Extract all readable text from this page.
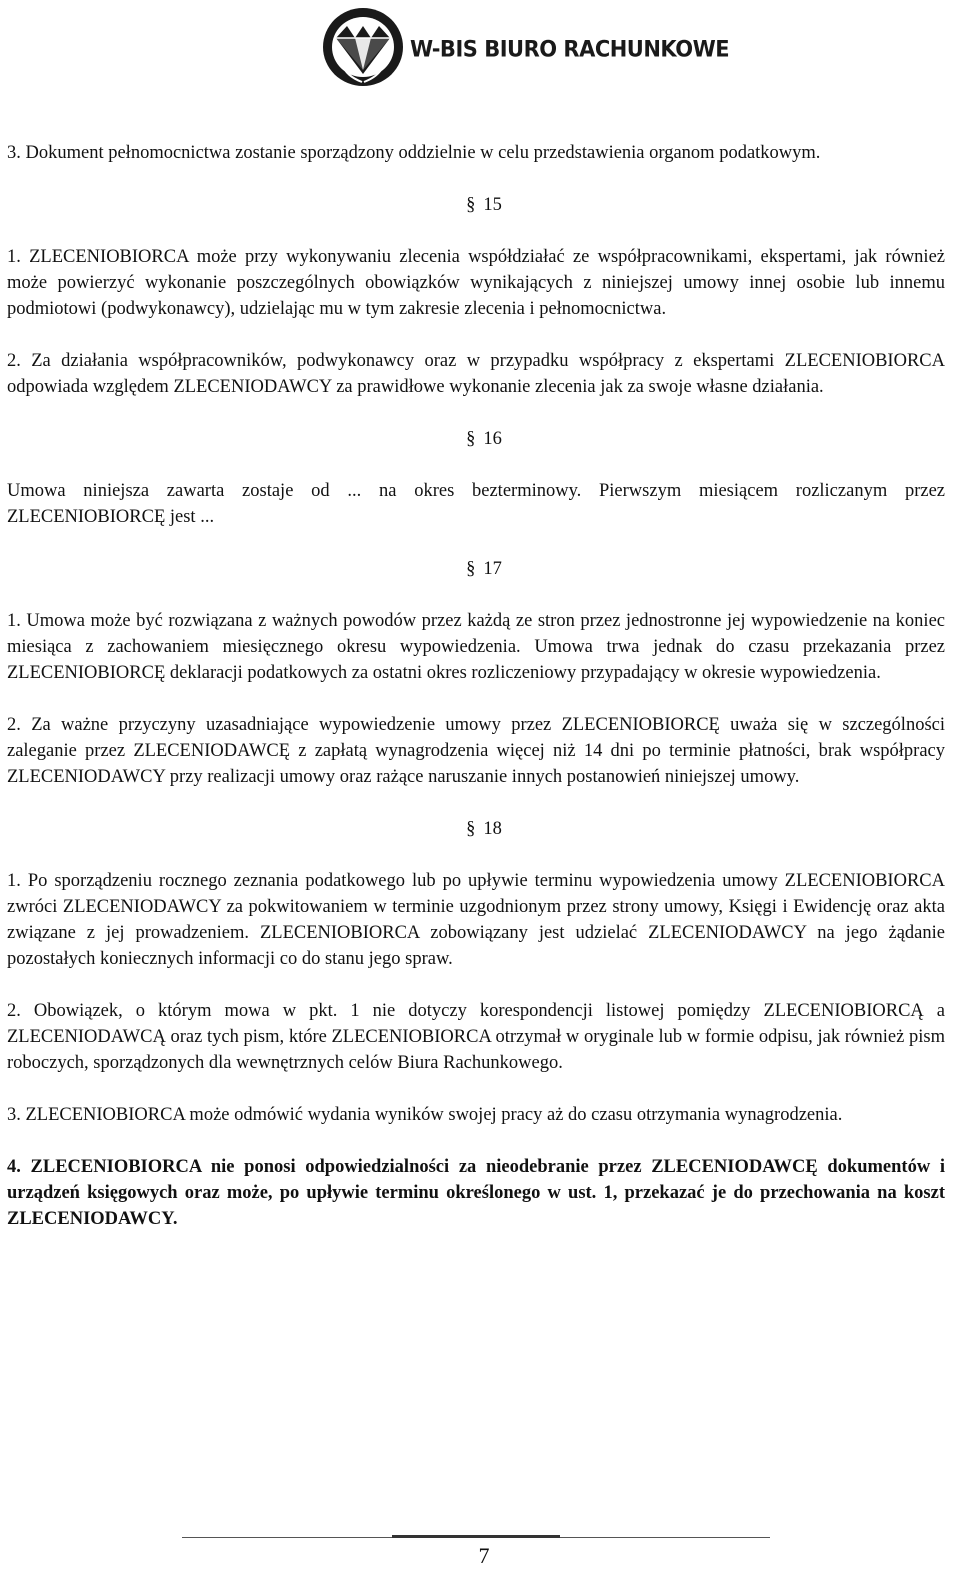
W-BIS BIURO RACHUNKOWE

3. Dokument pełnomocnictwa zostanie sporządzony oddzielnie w celu przedstawienia organom podatkowym.

§ 15

1. ZLECENIOBIORCA może przy wykonywaniu zlecenia współdziałać ze współpracownikami, ekspertami, jak również może powierzyć wykonanie poszczególnych obowiązków wynikających z niniejszej umowy innej osobie lub innemu podmiotowi (podwykonawcy), udzielając mu w tym zakresie zlecenia i pełnomocnictwa.

2. Za działania współpracowników, podwykonawcy oraz w przypadku współpracy z ekspertami ZLECENIOBIORCA odpowiada względem ZLECENIODAWCY za prawidłowe wykonanie zlecenia jak za swoje własne działania.

§ 16

Umowa niniejsza zawarta zostaje od ... na okres bezterminowy. Pierwszym miesiącem rozliczanym przez ZLECENIOBIORCĘ jest ...

§ 17

1. Umowa może być rozwiązana z ważnych powodów przez każdą ze stron przez jednostronne jej wypowiedzenie na koniec miesiąca z zachowaniem miesięcznego okresu wypowiedzenia. Umowa trwa jednak do czasu przekazania przez ZLECENIOBIORCĘ deklaracji podatkowych za ostatni okres rozliczeniowy przypadający w okresie wypowiedzenia.

2. Za ważne przyczyny uzasadniające wypowiedzenie umowy przez ZLECENIOBIORCĘ uważa się w szczególności zaleganie przez ZLECENIODAWCĘ z zapłatą wynagrodzenia więcej niż 14 dni po terminie płatności, brak współpracy ZLECENIODAWCY przy realizacji umowy oraz rażące naruszanie innych postanowień niniejszej umowy.

§ 18

1. Po sporządzeniu rocznego zeznania podatkowego lub po upływie terminu wypowiedzenia umowy ZLECENIOBIORCA zwróci ZLECENIODAWCY za pokwitowaniem w terminie uzgodnionym przez strony umowy, Księgi i Ewidencję oraz akta związane z jej prowadzeniem. ZLECENIOBIORCA zobowiązany jest udzielać ZLECENIODAWCY na jego żądanie pozostałych koniecznych informacji co do stanu jego spraw.

2. Obowiązek, o którym mowa w pkt. 1 nie dotyczy korespondencji listowej pomiędzy ZLECENIOBIORCĄ a ZLECENIODAWCĄ oraz tych pism, które ZLECENIOBIORCA otrzymał w oryginale lub w formie odpisu, jak również pism roboczych, sporządzonych dla wewnętrznych celów Biura Rachunkowego.

3. ZLECENIOBIORCA może odmówić wydania wyników swojej pracy aż do czasu otrzymania wynagrodzenia.

4. ZLECENIOBIORCA nie ponosi odpowiedzialności za nieodebranie przez ZLECENIODAWCĘ dokumentów i urządzeń księgowych oraz może, po upływie terminu określonego w ust. 1, przekazać je do przechowania na koszt ZLECENIODAWCY.

7
